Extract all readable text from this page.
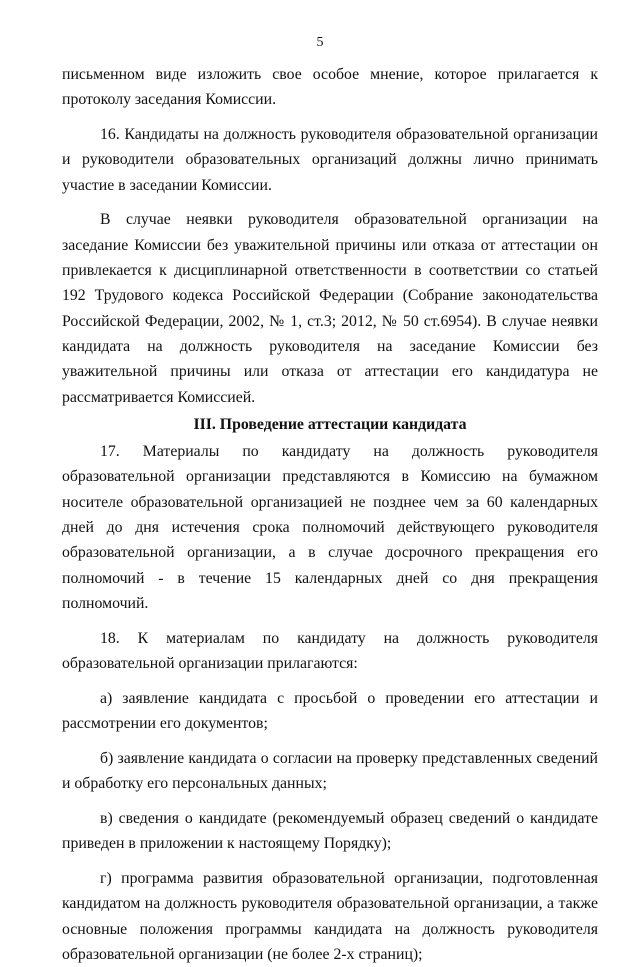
5

письменном виде изложить свое особое мнение, которое прилагается к протоколу заседания Комиссии.

16. Кандидаты на должность руководителя образовательной организации и руководители образовательных организаций должны лично принимать участие в заседании Комиссии.

В случае неявки руководителя образовательной организации на заседание Комиссии без уважительной причины или отказа от аттестации он привлекается к дисциплинарной ответственности в соответствии со статьей 192 Трудового кодекса Российской Федерации (Собрание законодательства Российской Федерации, 2002, № 1, ст.3; 2012, № 50 ст.6954). В случае неявки кандидата на должность руководителя на заседание Комиссии без уважительной причины или отказа от аттестации его кандидатура не рассматривается Комиссией.

III. Проведение аттестации кандидата

17. Материалы по кандидату на должность руководителя образовательной организации представляются в Комиссию на бумажном носителе образовательной организацией не позднее чем за 60 календарных дней до дня истечения срока полномочий действующего руководителя образовательной организации, а в случае досрочного прекращения его полномочий - в течение 15 календарных дней со дня прекращения полномочий.

18. К материалам по кандидату на должность руководителя образовательной организации прилагаются:

а) заявление кандидата с просьбой о проведении его аттестации и рассмотрении его документов;

б) заявление кандидата о согласии на проверку представленных сведений и обработку его персональных данных;

в) сведения о кандидате (рекомендуемый образец сведений о кандидате приведен в приложении к настоящему Порядку);

г) программа развития образовательной организации, подготовленная кандидатом на должность руководителя образовательной организации, а также основные положения программы кандидата на должность руководителя образовательной организации (не более 2-х страниц);
